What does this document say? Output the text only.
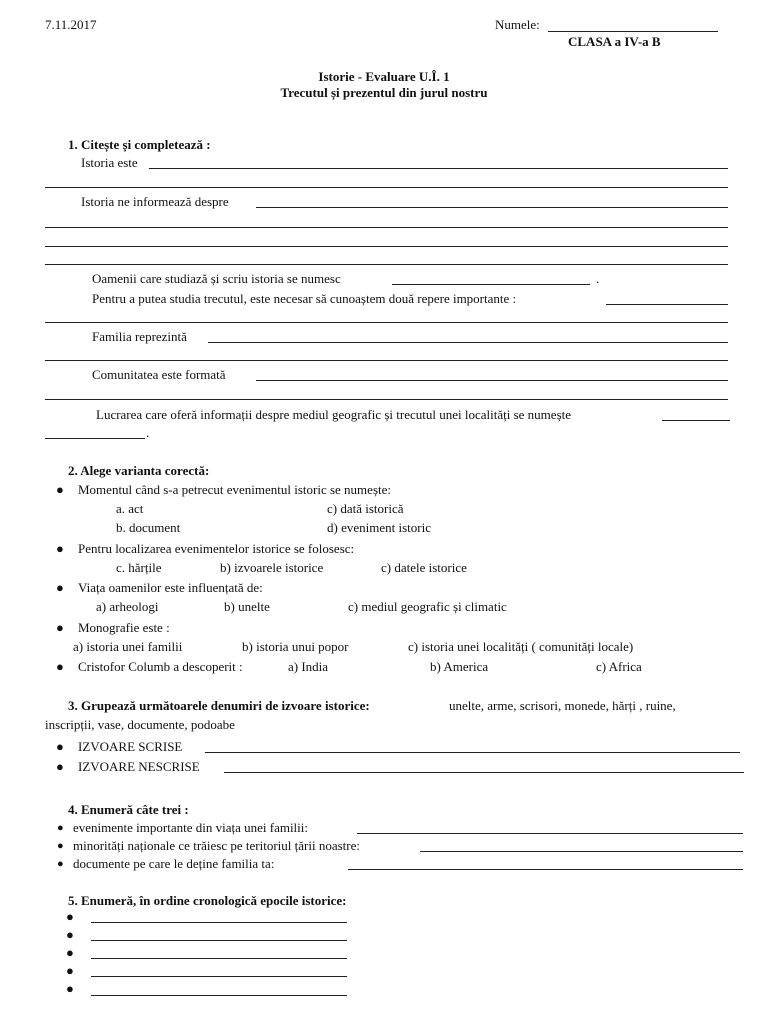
7.11.2017	Numele:
CLASA a IV-a B
Istorie - Evaluare U.Î. 1
Trecutul și prezentul din jurul nostru
1. Citește și completează :
Istoria este
Istoria ne informează despre
Oamenii care studiază și scriu istoria se numesc	.
Pentru a putea studia trecutul, este necesar să cunoaștem două repere importante :
Familia reprezintă
Comunitatea este formată
Lucrarea care oferă informații despre mediul geografic și trecutul unei localități se numește
.
2. Alege varianta corectă:
● Momentul când s-a petrecut evenimentul istoric se numește:
a. act	c) dată istorică
b. document	d) eveniment istoric
● Pentru localizarea evenimentelor istorice se folosesc:
c. hărțile	b) izvoarele istorice	c) datele istorice
● Viața oamenilor este influențată de:
a) arheologi	b) unelte	c) mediul geografic și climatic
● Monografie este :
a) istoria unei familii	b) istoria unui popor	c) istoria unei localități ( comunități locale)
● Cristofor Columb a descoperit :	a) India	b) America	c) Africa
3. Grupează următoarele denumiri de izvoare istorice:	unelte, arme, scrisori, monede, hărți , ruine,
inscripții, vase, documente, podoabe
● IZVOARE SCRISE
● IZVOARE NESCRISE
4. Enumeră câte trei :
● evenimente importante din viața unei familii:
● minorități naționale ce trăiesc pe teritoriul țării noastre:
● documente pe care le deține familia ta:
5. Enumeră, în ordine cronologică epocile istorice:
●
●
●
●
●
